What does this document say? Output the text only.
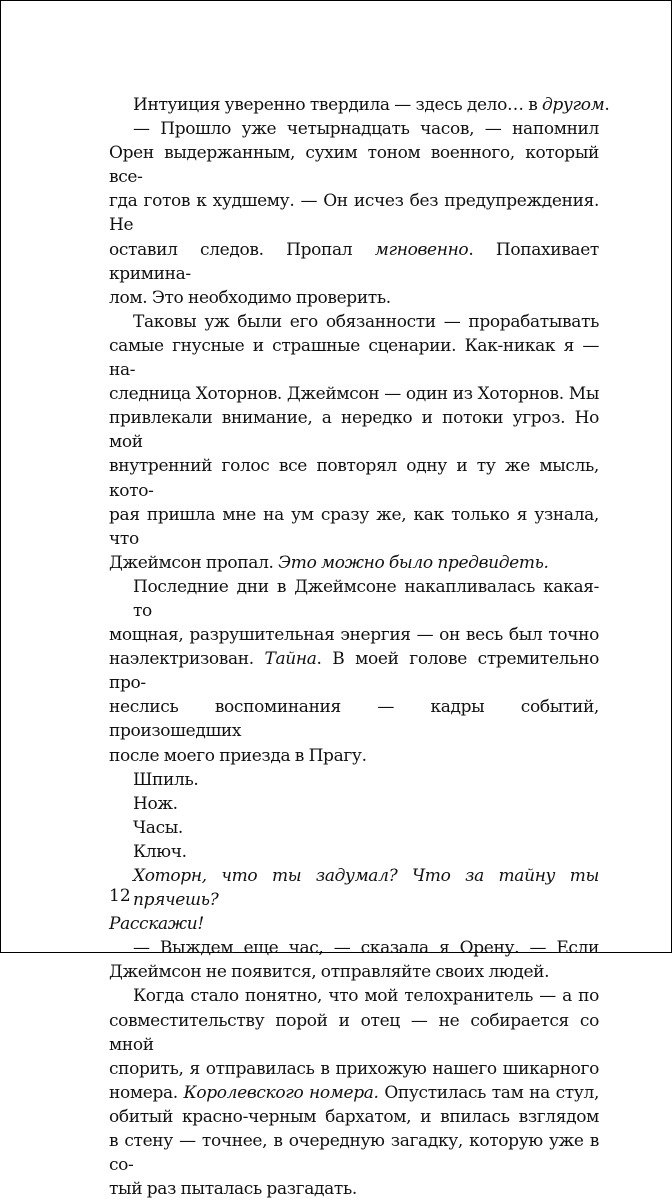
Интуиция уверенно твердила — здесь дело… в другом.
— Прошло уже четырнадцать часов, — напомнил
Орен выдержанным, сухим тоном военного, который все-
гда готов к худшему. — Он исчез без предупреждения. Не
оставил следов. Пропал мгновенно. Попахивает кримина-
лом. Это необходимо проверить.
Таковы уж были его обязанности — прорабатывать
самые гнусные и страшные сценарии. Как-никак я — на-
следница Хоторнов. Джеймсон — один из Хоторнов. Мы
привлекали внимание, а нередко и потоки угроз. Но мой
внутренний голос все повторял одну и ту же мысль, кото-
рая пришла мне на ум сразу же, как только я узнала, что
Джеймсон пропал. Это можно было предвидеть.
Последние дни в Джеймсоне накапливалась какая-то
мощная, разрушительная энергия — он весь был точно
наэлектризован. Тайна. В моей голове стремительно про-
неслись воспоминания — кадры событий, произошедших
после моего приезда в Прагу.
Шпиль.
Нож.
Часы.
Ключ.
Хоторн, что ты задумал? Что за тайну ты прячешь?
Расскажи!
— Выждем еще час, — сказала я Орену. — Если
Джеймсон не появится, отправляйте своих людей.
Когда стало понятно, что мой телохранитель — а по
совместительству порой и отец — не собирается со мной
спорить, я отправилась в прихожую нашего шикарного
номера. Королевского номера. Опустилась там на стул,
обитый красно-черным бархатом, и впилась взглядом
в стену — точнее, в очередную загадку, которую уже в со-
тый раз пыталась разгадать.
12
